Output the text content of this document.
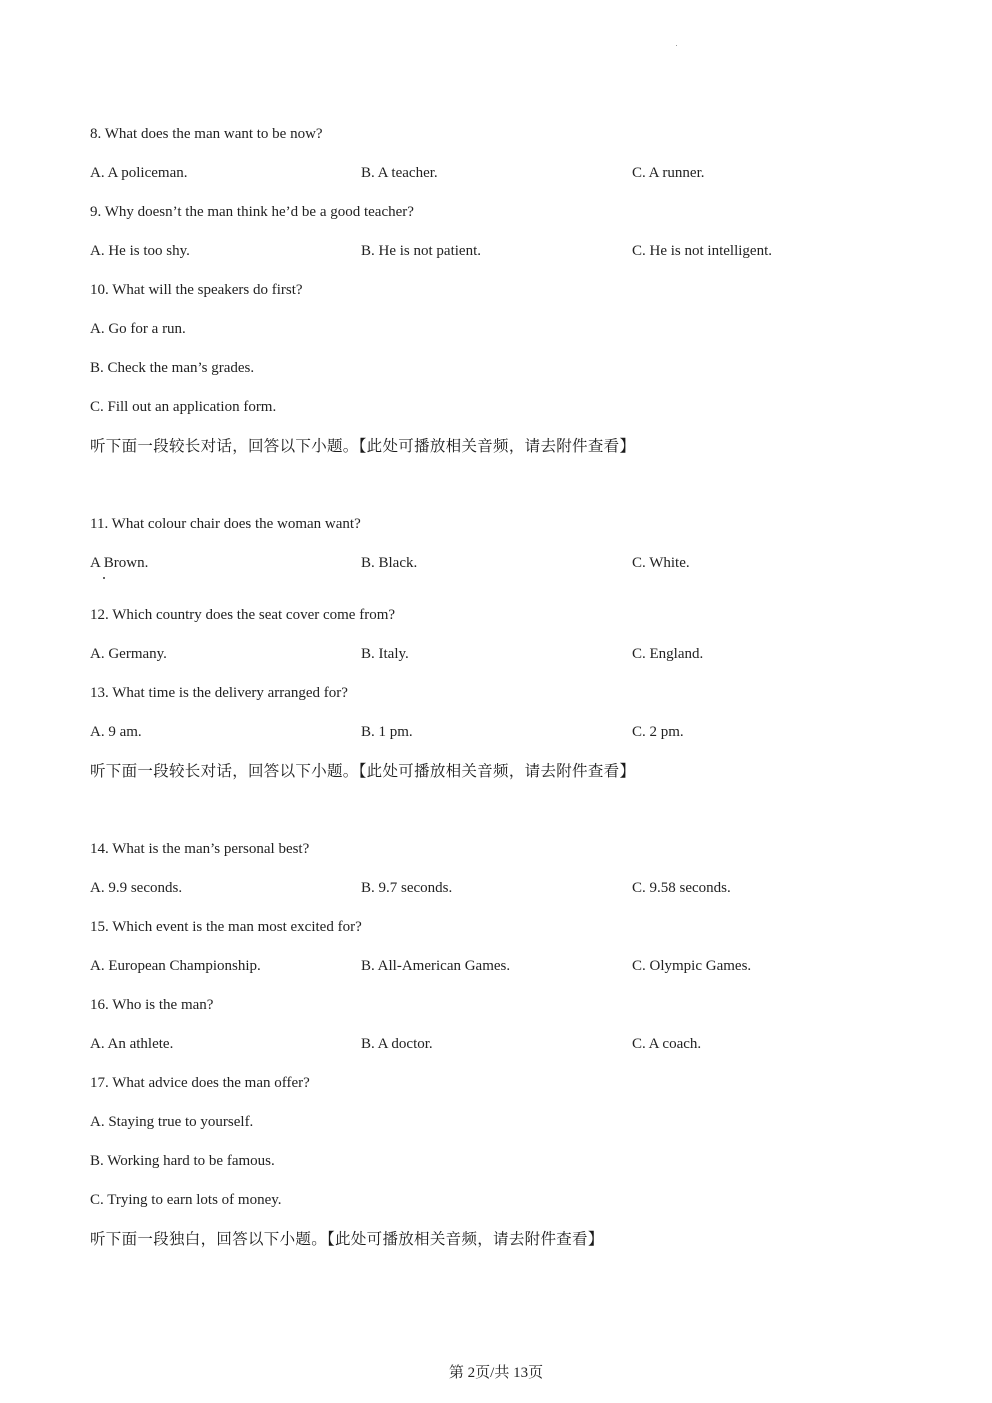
8. What does the man want to be now?
A. A policeman.	B. A teacher.	C. A runner.
9. Why doesn’t the man think he’d be a good teacher?
A. He is too shy.	B. He is not patient.	C. He is not intelligent.
10. What will the speakers do first?
A. Go for a run.
B. Check the man’s grades.
C. Fill out an application form.
听下面一段较长对话，回答以下小题。【此处可播放相关音频，请去附件查看】
11. What colour chair does the woman want?
A Brown.	B. Black.	C. White.
12. Which country does the seat cover come from?
A. Germany.	B. Italy.	C. England.
13. What time is the delivery arranged for?
A. 9 am.	B. 1 pm.	C. 2 pm.
听下面一段较长对话，回答以下小题。【此处可播放相关音频，请去附件查看】
14. What is the man’s personal best?
A. 9.9 seconds.	B. 9.7 seconds.	C. 9.58 seconds.
15. Which event is the man most excited for?
A. European Championship.	B. All-American Games.	C. Olympic Games.
16. Who is the man?
A. An athlete.	B. A doctor.	C. A coach.
17. What advice does the man offer?
A. Staying true to yourself.
B. Working hard to be famous.
C. Trying to earn lots of money.
听下面一段独白，回答以下小题。【此处可播放相关音频，请去附件查看】
第 2页/共 13页
